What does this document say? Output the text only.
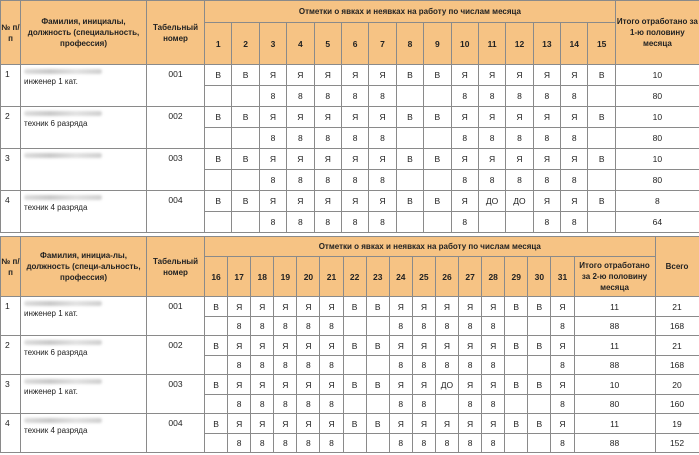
№ п/п	Фамилия, инициалы, должность (специальность, профессия)	Табельный номер	Отметки о явках и неявках на работу по числам месяца															Итого отработано за 1-ю половину месяца
			1	2	3	4	5	6	7	8	9	10	11	12	13	14	15	
1	инженер 1 кат.	001	В	В	Я	Я	Я	Я	Я	В	В	Я	Я	Я	Я	Я	В	10
					8	8	8	8	8			8	8	8	8	8		80
2	техник 6 разряда	002	В	В	Я	Я	Я	Я	Я	В	В	Я	Я	Я	Я	Я	В	10
					8	8	8	8	8			8	8	8	8	8		80
3		003	В	В	Я	Я	Я	Я	Я	В	В	Я	Я	Я	Я	Я	В	10
					8	8	8	8	8			8	8	8	8	8		80
4	техник 4 разряда	004	В	В	Я	Я	Я	Я	Я	В	В	Я	ДО	ДО	Я	Я	В	8
					8	8	8	8	8			8			8	8		64
№ п/п	Фамилия, инициа-лы, должность (специ-альность, профессия)	Табельный номер	Отметки о явках и неявках на работу по числам месяца																	Всего
			16	17	18	19	20	21	22	23	24	25	26	27	28	29	30	31	Итого отработано за 2-ю половину месяца	
1	инженер 1 кат.	001	В	Я	Я	Я	Я	Я	В	В	Я	Я	Я	Я	Я	В	В	Я	11	21
				8	8	8	8	8			8	8	8	8	8			8	88	168
2	техник 6 разряда	002	В	Я	Я	Я	Я	Я	В	В	Я	Я	Я	Я	Я	В	В	Я	11	21
				8	8	8	8	8			8	8	8	8	8			8	88	168
3	инженер 1 кат.	003	В	Я	Я	Я	Я	Я	В	В	Я	Я	ДО	Я	Я	В	В	Я	10	20
				8	8	8	8	8			8	8		8	8			8	80	160
4	техник 4 разряда	004	В	Я	Я	Я	Я	Я	В	В	Я	Я	Я	Я	Я	В	В	Я	11	19
				8	8	8	8	8			8	8	8	8	8			8	88	152
